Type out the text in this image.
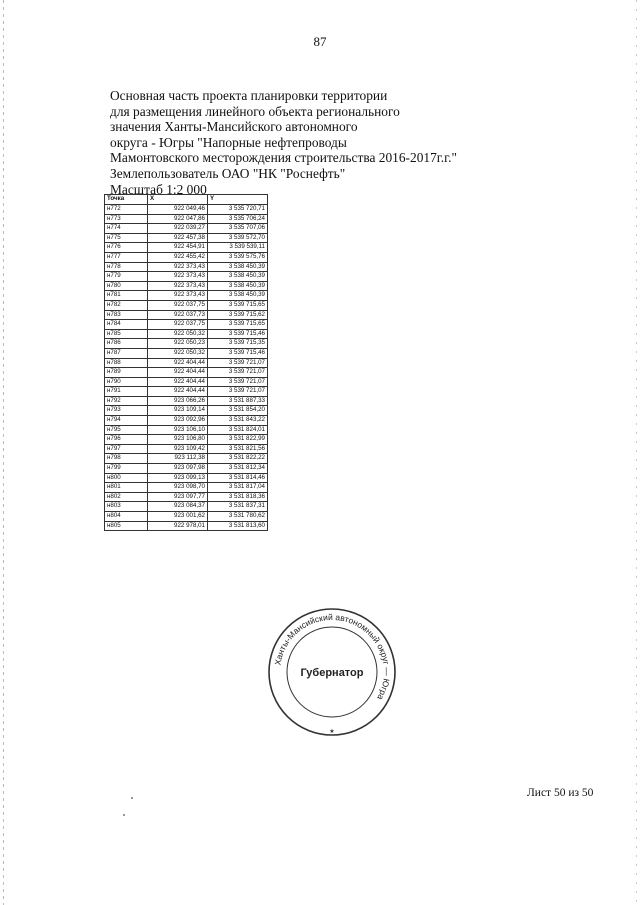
87
Основная часть проекта планировки территории
для размещения линейного объекта регионального
значения Ханты-Мансийского автономного
округа - Югры "Напорные нефтепроводы
Мамонтовского месторождения строительства 2016-2017г.г."
Землепользователь ОАО "НК "Роснефть"
Масштаб 1:2 000
Точка	X	Y
н772	922 049,46	3 535 720,71
н773	922 047,86	3 535 706,24
н774	922 039,27	3 535 707,06
н775	922 457,38	3 539 572,70
н776	922 454,91	3 539 539,11
н777	922 455,42	3 539 575,76
н778	922 373,43	3 538 450,39
н779	922 373,43	3 538 450,39
н780	922 373,43	3 538 450,39
н781	922 373,43	3 538 450,39
н782	922 037,75	3 539 715,65
н783	922 037,73	3 539 715,62
н784	922 037,75	3 539 715,65
н785	922 050,32	3 539 715,46
н786	922 050,23	3 539 715,35
н787	922 050,32	3 539 715,46
н788	922 404,44	3 539 721,07
н789	922 404,44	3 539 721,07
н790	922 404,44	3 539 721,07
н791	922 404,44	3 539 721,07
н792	923 066,26	3 531 887,33
н793	923 109,14	3 531 854,20
н794	923 092,96	3 531 843,22
н795	923 106,10	3 531 824,01
н796	923 106,80	3 531 822,99
н797	923 109,42	3 531 821,56
н798	923 112,38	3 531 822,22
н799	923 097,98	3 531 812,34
н800	923 099,13	3 531 814,46
н801	923 098,70	3 531 817,04
н802	923 097,77	3 531 818,36
н803	923 084,37	3 531 837,31
н804	923 001,62	3 531 780,62
н805	922 978,01	3 531 813,60
Ханты-Мансийский автономный округ — Югра
Губернатор
★
Лист 50 из 50
